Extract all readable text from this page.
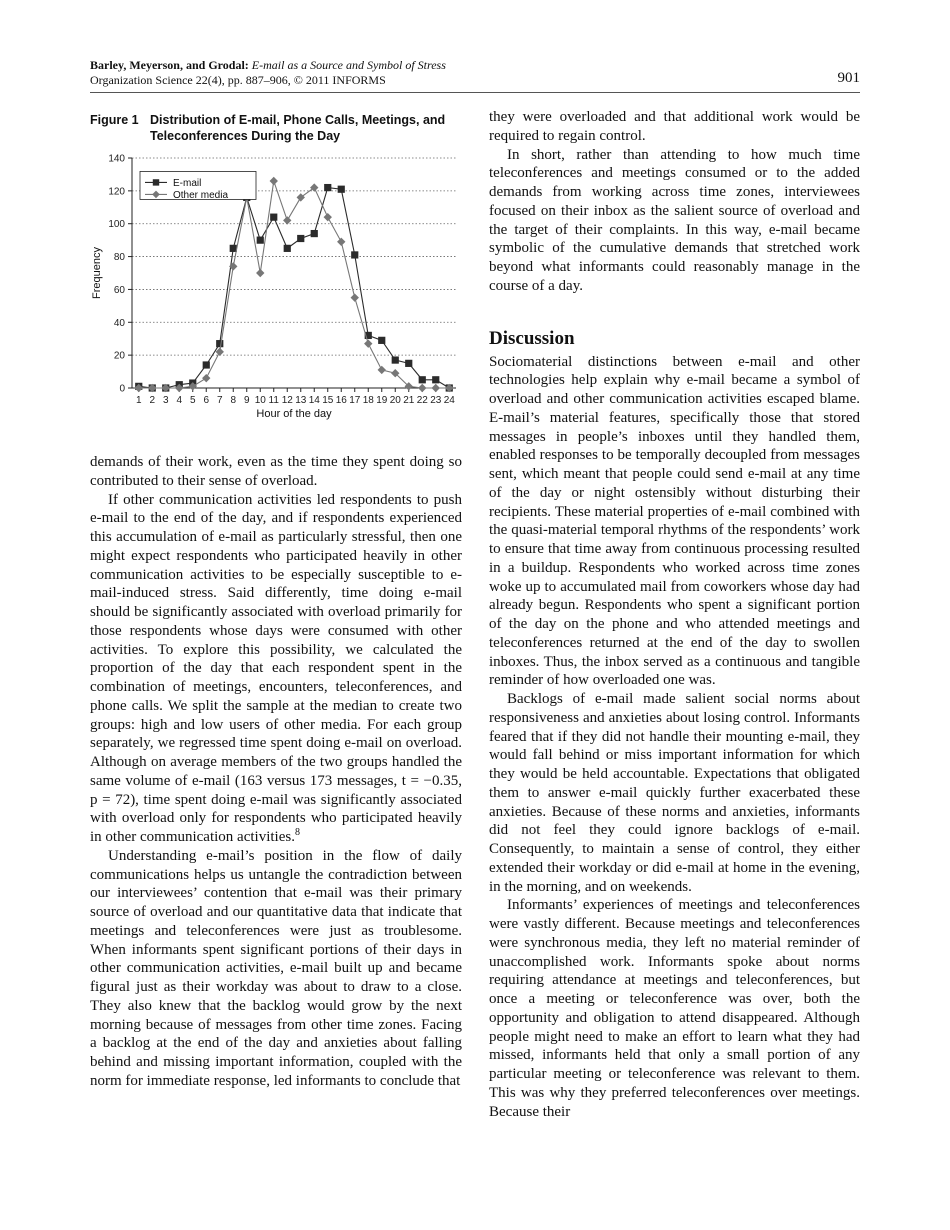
Barley, Meyerson, and Grodal: E-mail as a Source and Symbol of Stress
Organization Science 22(4), pp. 887–906, © 2011 INFORMS	901
Figure 1 Distribution of E-mail, Phone Calls, Meetings, and Teleconferences During the Day
0
20
40
60
80
100
120
140
1 2 3 4 5 6 7 8 9 10 11 12 13 14 15 16 17 18 19 20 21 22 23 24
Hour of the day
Frequency
E-mail
Other media

demands of their work, even as the time they spent doing so contributed to their sense of overload.

If other communication activities led respondents to push e-mail to the end of the day, and if respondents experienced this accumulation of e-mail as particularly stressful, then one might expect respondents who participated heavily in other communication activities to be especially susceptible to e-mail-induced stress. Said differently, time doing e-mail should be significantly associated with overload primarily for those respondents whose days were consumed with other activities. To explore this possibility, we calculated the proportion of the day that each respondent spent in the combination of meetings, encounters, teleconferences, and phone calls. We split the sample at the median to create two groups: high and low users of other media. For each group separately, we regressed time spent doing e-mail on overload. Although on average members of the two groups handled the same volume of e-mail (163 versus 173 messages, t = −0.35, p = 72), time spent doing e-mail was significantly associated with overload only for respondents who participated heavily in other communication activities.$^8$

Understanding e-mail’s position in the flow of daily communications helps us untangle the contradiction between our interviewees’ contention that e-mail was their primary source of overload and our quantitative data that indicate that meetings and teleconferences were just as troublesome. When informants spent significant portions of their days in other communication activities, e-mail built up and became figural just as their workday was about to draw to a close. They also knew that the backlog would grow by the next morning because of messages from other time zones. Facing a backlog at the end of the day and anxieties about falling behind and missing important information, coupled with the norm for immediate response, led informants to conclude that

they were overloaded and that additional work would be required to regain control.

In short, rather than attending to how much time teleconferences and meetings consumed or to the added demands from working across time zones, interviewees focused on their inbox as the salient source of overload and the target of their complaints. In this way, e-mail became symbolic of the cumulative demands that stretched work beyond what informants could reasonably manage in the course of a day.

Discussion

Sociomaterial distinctions between e-mail and other technologies help explain why e-mail became a symbol of overload and other communication activities escaped blame. E-mail’s material features, specifically those that stored messages in people’s inboxes until they handled them, enabled responses to be temporally decoupled from messages sent, which meant that people could send e-mail at any time of the day or night ostensibly without disturbing their recipients. These material properties of e-mail combined with the quasi-material temporal rhythms of the respondents’ work to ensure that time away from continuous processing resulted in a buildup. Respondents who worked across time zones woke up to accumulated mail from coworkers whose day had already begun. Respondents who spent a significant portion of the day on the phone and who attended meetings and teleconferences returned at the end of the day to swollen inboxes. Thus, the inbox served as a continuous and tangible reminder of how overloaded one was.

Backlogs of e-mail made salient social norms about responsiveness and anxieties about losing control. Informants feared that if they did not handle their mounting e-mail, they would fall behind or miss important information for which they would be held accountable. Expectations that obligated them to answer e-mail quickly further exacerbated these anxieties. Because of these norms and anxieties, informants did not feel they could ignore backlogs of e-mail. Consequently, to maintain a sense of control, they either extended their workday or did e-mail at home in the evening, in the morning, and on weekends.

Informants’ experiences of meetings and teleconferences were vastly different. Because meetings and teleconferences were synchronous media, they left no material reminder of unaccomplished work. Informants spoke about norms requiring attendance at meetings and teleconferences, but once a meeting or teleconference was over, both the opportunity and obligation to attend disappeared. Although people might need to make an effort to learn what they had missed, informants held that only a small portion of any particular meeting or teleconference was relevant to them. This was why they preferred teleconferences over meetings. Because their
